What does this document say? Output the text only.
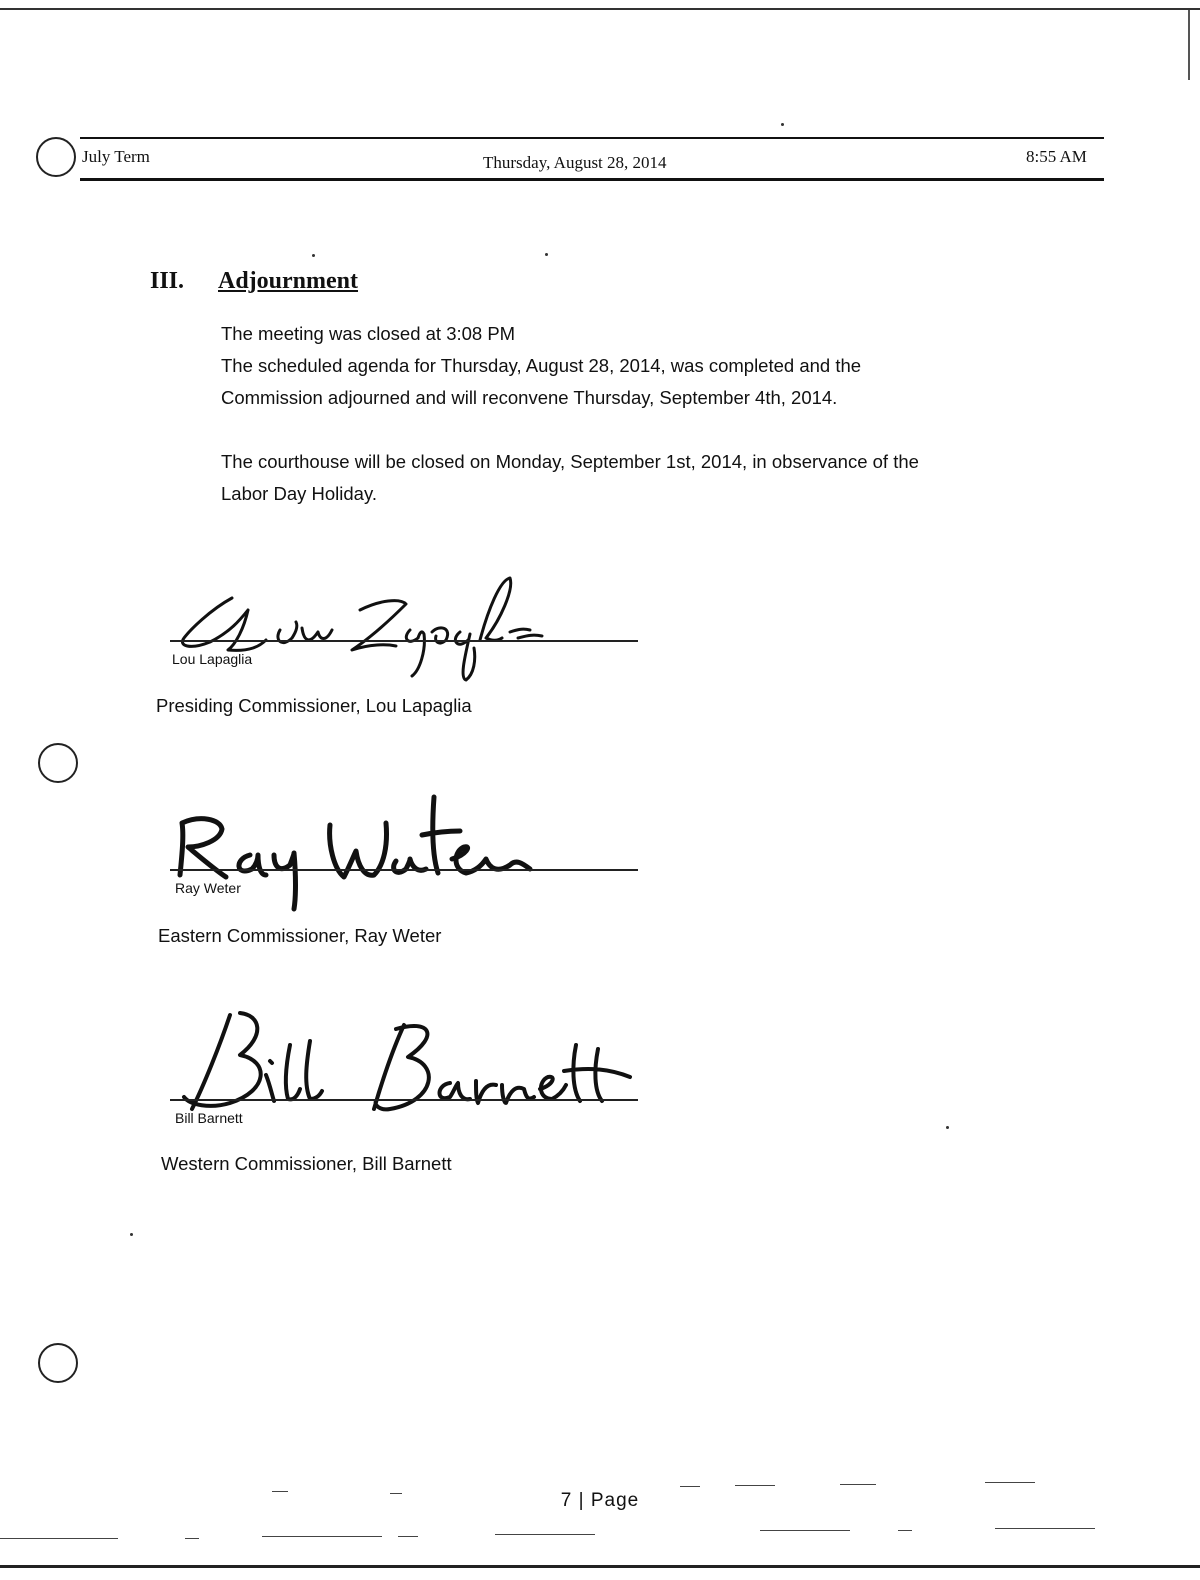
July Term	Thursday, August 28, 2014	8:55 AM
III. Adjournment
The meeting was closed at 3:08 PM
The scheduled agenda for Thursday, August 28, 2014, was completed and the
Commission adjourned and will reconvene Thursday, September 4th, 2014.
The courthouse will be closed on Monday, September 1st, 2014, in observance of the
Labor Day Holiday.
Lou Lapaglia
Presiding Commissioner, Lou Lapaglia
Ray Weter
Eastern Commissioner, Ray Weter
Bill Barnett
Western Commissioner, Bill Barnett
7 | Page
